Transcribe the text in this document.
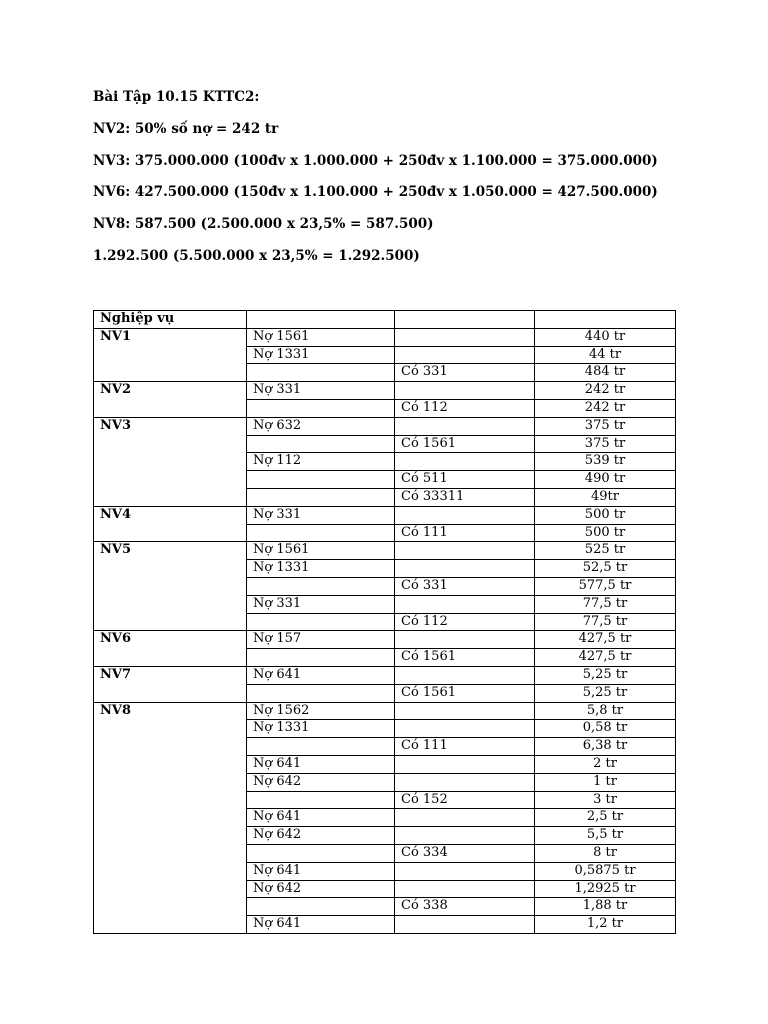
Bài Tập 10.15 KTTC2:
NV2: 50% số nợ = 242 tr
NV3: 375.000.000 (100đv x 1.000.000 + 250đv x 1.100.000 = 375.000.000)
NV6: 427.500.000 (150đv x 1.100.000 + 250đv x 1.050.000 = 427.500.000)
NV8: 587.500 (2.500.000 x 23,5% = 587.500)
1.292.500 (5.500.000 x 23,5% = 1.292.500)
Nghiệp vụ			
NV1	Nợ 1561		440 tr
	Nợ 1331		44 tr
		Có 331	484 tr
NV2	Nợ 331		242 tr
		Có 112	242 tr
NV3	Nợ 632		375 tr
		Có 1561	375 tr
	Nợ 112		539 tr
		Có 511	490 tr
		Có 33311	49tr
NV4	Nợ 331		500 tr
		Có 111	500 tr
NV5	Nợ 1561		525 tr
	Nợ 1331		52,5 tr
		Có 331	577,5 tr
	Nợ 331		77,5 tr
		Có 112	77,5 tr
NV6	Nợ 157		427,5 tr
		Có 1561	427,5 tr
NV7	Nợ 641		5,25 tr
		Có 1561	5,25 tr
NV8	Nợ 1562		5,8 tr
	Nợ 1331		0,58 tr
		Có 111	6,38 tr
	Nợ 641		2 tr
	Nợ 642		1 tr
		Có 152	3 tr
	Nợ 641		2,5 tr
	Nợ 642		5,5 tr
		Có 334	8 tr
	Nợ 641		0,5875 tr
	Nợ 642		1,2925 tr
		Có 338	1,88 tr
	Nợ 641		1,2 tr
